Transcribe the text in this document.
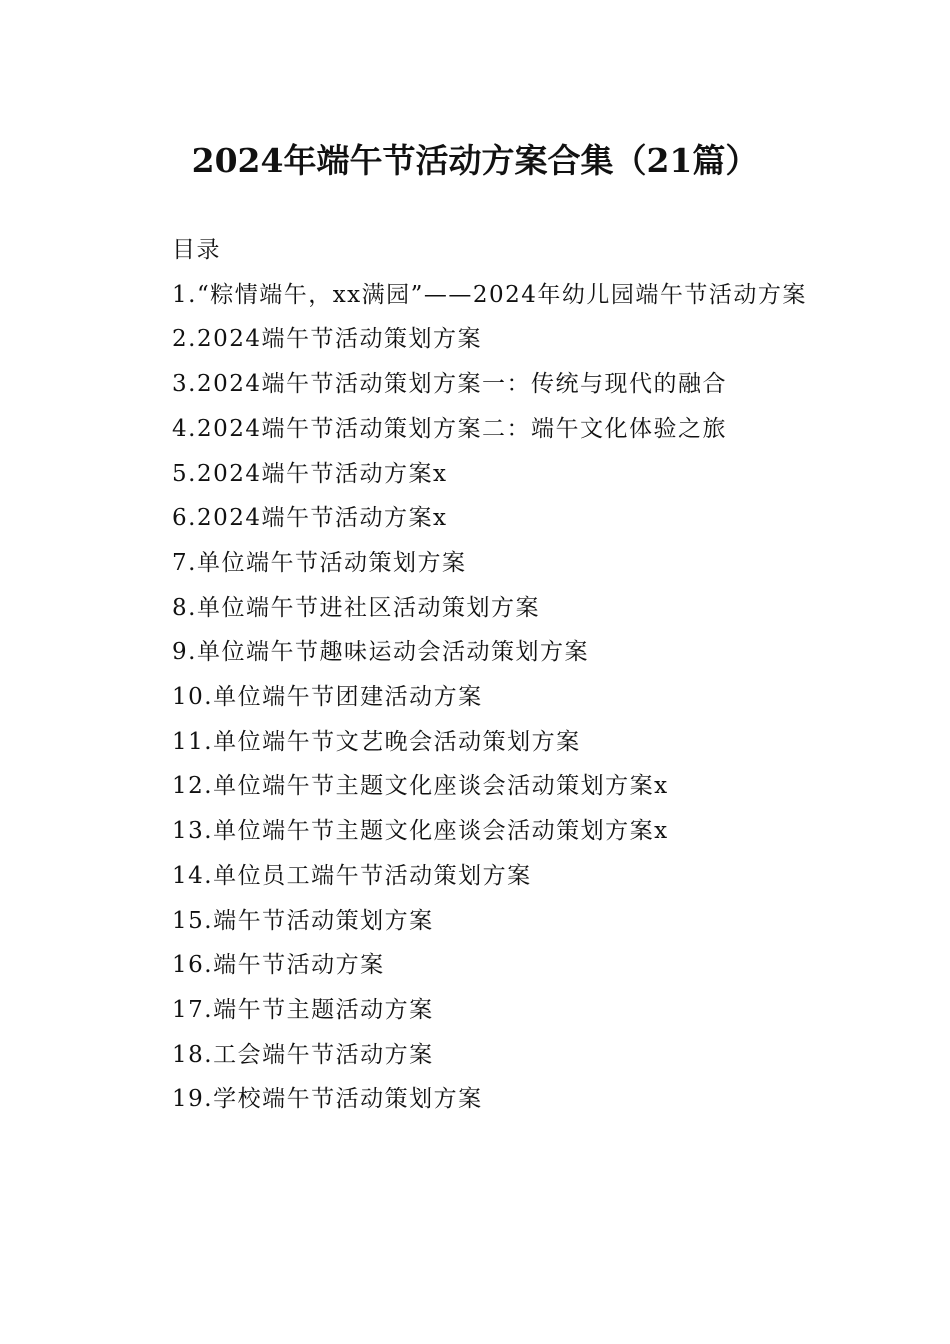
2024年端午节活动方案合集（21篇）
目录
1.“粽情端午，xx满园”——2024年幼儿园端午节活动方案
2.2024端午节活动策划方案
3.2024端午节活动策划方案一：传统与现代的融合
4.2024端午节活动策划方案二：端午文化体验之旅
5.2024端午节活动方案x
6.2024端午节活动方案x
7.单位端午节活动策划方案
8.单位端午节进社区活动策划方案
9.单位端午节趣味运动会活动策划方案
10.单位端午节团建活动方案
11.单位端午节文艺晚会活动策划方案
12.单位端午节主题文化座谈会活动策划方案x
13.单位端午节主题文化座谈会活动策划方案x
14.单位员工端午节活动策划方案
15.端午节活动策划方案
16.端午节活动方案
17.端午节主题活动方案
18.工会端午节活动方案
19.学校端午节活动策划方案
